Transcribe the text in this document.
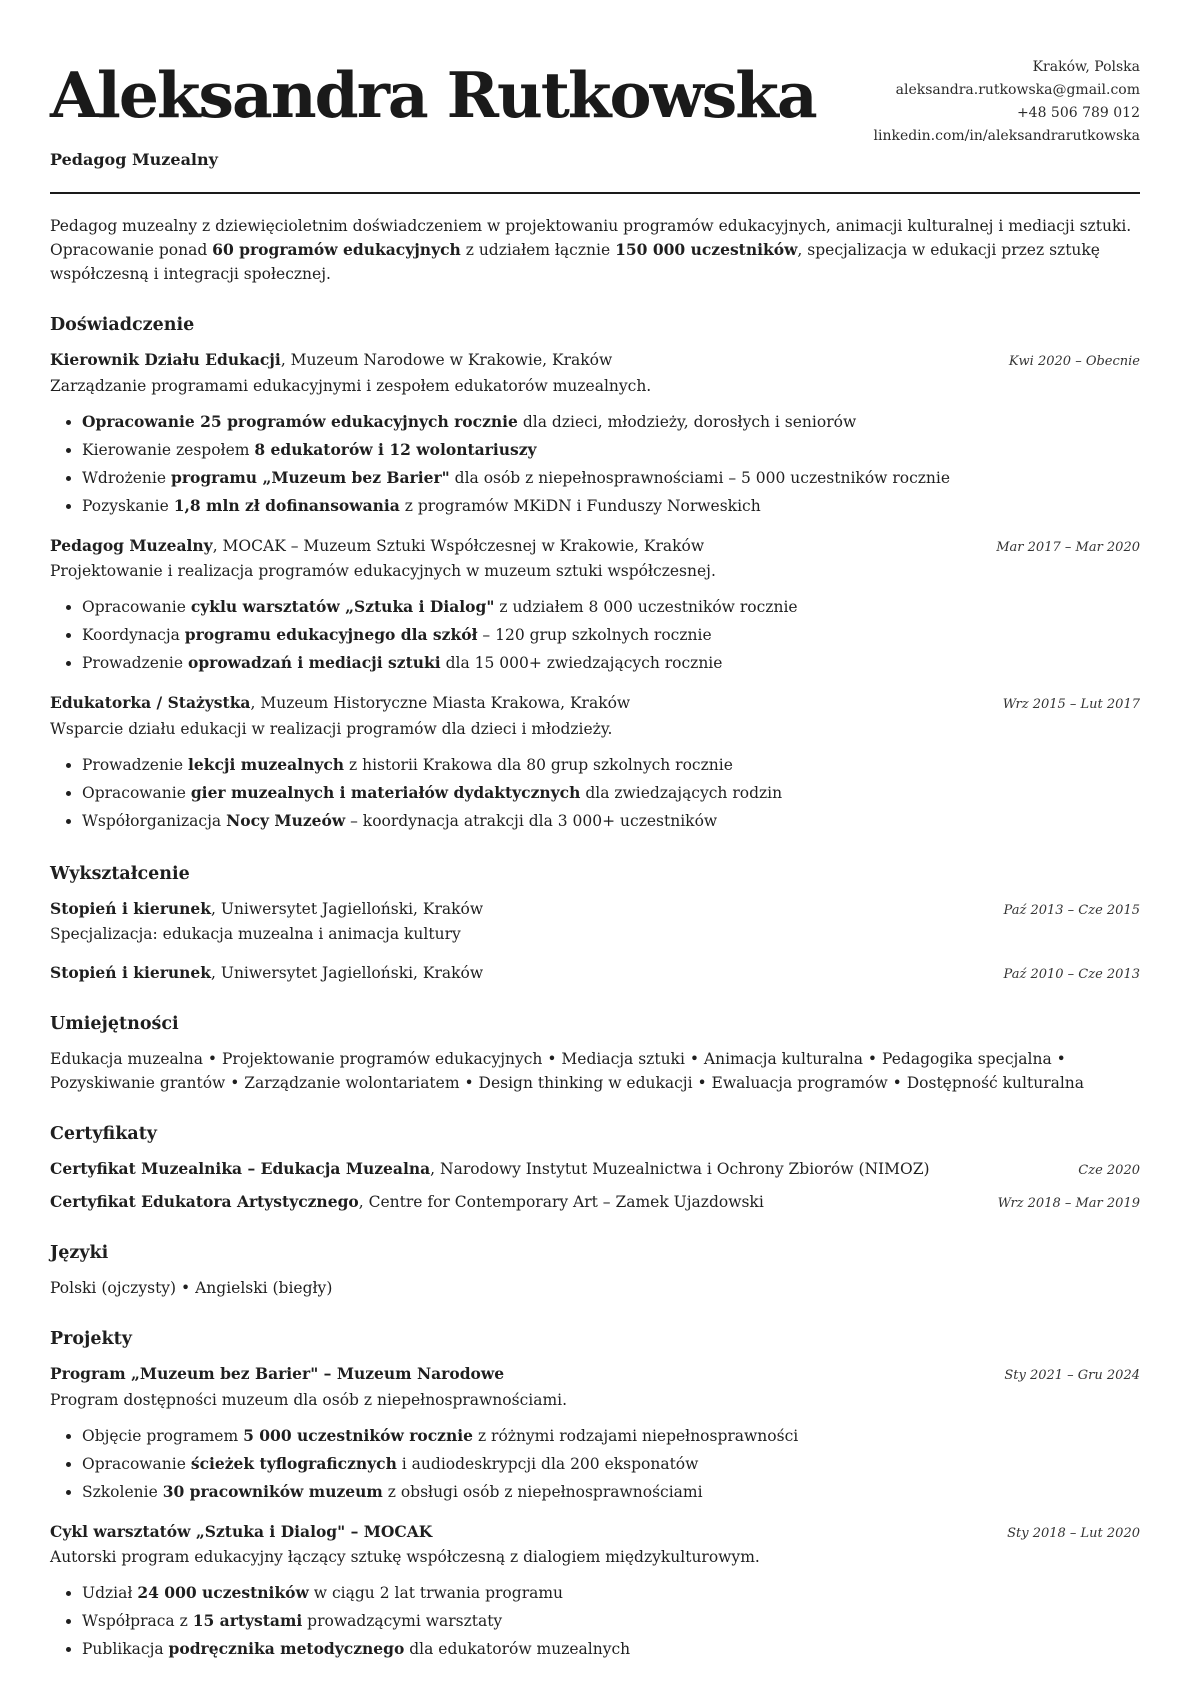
Aleksandra Rutkowska
Pedagog Muzealny
Kraków, Polska
aleksandra.rutkowska@gmail.com
+48 506 789 012
linkedin.com/in/aleksandrarutkowska

Pedagog muzealny z dziewięcioletnim doświadczeniem w projektowaniu programów edukacyjnych, animacji kulturalnej i mediacji sztuki. Opracowanie ponad 60 programów edukacyjnych z udziałem łącznie 150 000 uczestników, specjalizacja w edukacji przez sztukę współczesną i integracji społecznej.

Doświadczenie
Kierownik Działu Edukacji, Muzeum Narodowe w Krakowie, Kraków	Kwi 2020 – Obecnie
Zarządzanie programami edukacyjnymi i zespołem edukatorów muzealnych.
• Opracowanie 25 programów edukacyjnych rocznie dla dzieci, młodzieży, dorosłych i seniorów
• Kierowanie zespołem 8 edukatorów i 12 wolontariuszy
• Wdrożenie programu „Muzeum bez Barier" dla osób z niepełnosprawnościami – 5 000 uczestników rocznie
• Pozyskanie 1,8 mln zł dofinansowania z programów MKiDN i Funduszy Norweskich
Pedagog Muzealny, MOCAK – Muzeum Sztuki Współczesnej w Krakowie, Kraków	Mar 2017 – Mar 2020
Projektowanie i realizacja programów edukacyjnych w muzeum sztuki współczesnej.
• Opracowanie cyklu warsztatów „Sztuka i Dialog" z udziałem 8 000 uczestników rocznie
• Koordynacja programu edukacyjnego dla szkół – 120 grup szkolnych rocznie
• Prowadzenie oprowadzań i mediacji sztuki dla 15 000+ zwiedzających rocznie
Edukatorka / Stażystka, Muzeum Historyczne Miasta Krakowa, Kraków	Wrz 2015 – Lut 2017
Wsparcie działu edukacji w realizacji programów dla dzieci i młodzieży.
• Prowadzenie lekcji muzealnych z historii Krakowa dla 80 grup szkolnych rocznie
• Opracowanie gier muzealnych i materiałów dydaktycznych dla zwiedzających rodzin
• Współorganizacja Nocy Muzeów – koordynacja atrakcji dla 3 000+ uczestników
Wykształcenie
Stopień i kierunek, Uniwersytet Jagielloński, Kraków	Paź 2013 – Cze 2015
Specjalizacja: edukacja muzealna i animacja kultury
Stopień i kierunek, Uniwersytet Jagielloński, Kraków	Paź 2010 – Cze 2013
Umiejętności

Edukacja muzealna • Projektowanie programów edukacyjnych • Mediacja sztuki • Animacja kulturalna • Pedagogika specjalna • Pozyskiwanie grantów • Zarządzanie wolontariatem • Design thinking w edukacji • Ewaluacja programów • Dostępność kulturalna

Certyfikaty
Certyfikat Muzealnika – Edukacja Muzealna, Narodowy Instytut Muzealnictwa i Ochrony Zbiorów (NIMOZ)	Cze 2020
Certyfikat Edukatora Artystycznego, Centre for Contemporary Art – Zamek Ujazdowski	Wrz 2018 – Mar 2019
Języki

Polski (ojczysty) • Angielski (biegły)

Projekty
Program „Muzeum bez Barier" – Muzeum Narodowe	Sty 2021 – Gru 2024
Program dostępności muzeum dla osób z niepełnosprawnościami.
• Objęcie programem 5 000 uczestników rocznie z różnymi rodzajami niepełnosprawności
• Opracowanie ścieżek tyflograficznych i audiodeskrypcji dla 200 eksponatów
• Szkolenie 30 pracowników muzeum z obsługi osób z niepełnosprawnościami
Cykl warsztatów „Sztuka i Dialog" – MOCAK	Sty 2018 – Lut 2020
Autorski program edukacyjny łączący sztukę współczesną z dialogiem międzykulturowym.
• Udział 24 000 uczestników w ciągu 2 lat trwania programu
• Współpraca z 15 artystami prowadzącymi warsztaty
• Publikacja podręcznika metodycznego dla edukatorów muzealnych
